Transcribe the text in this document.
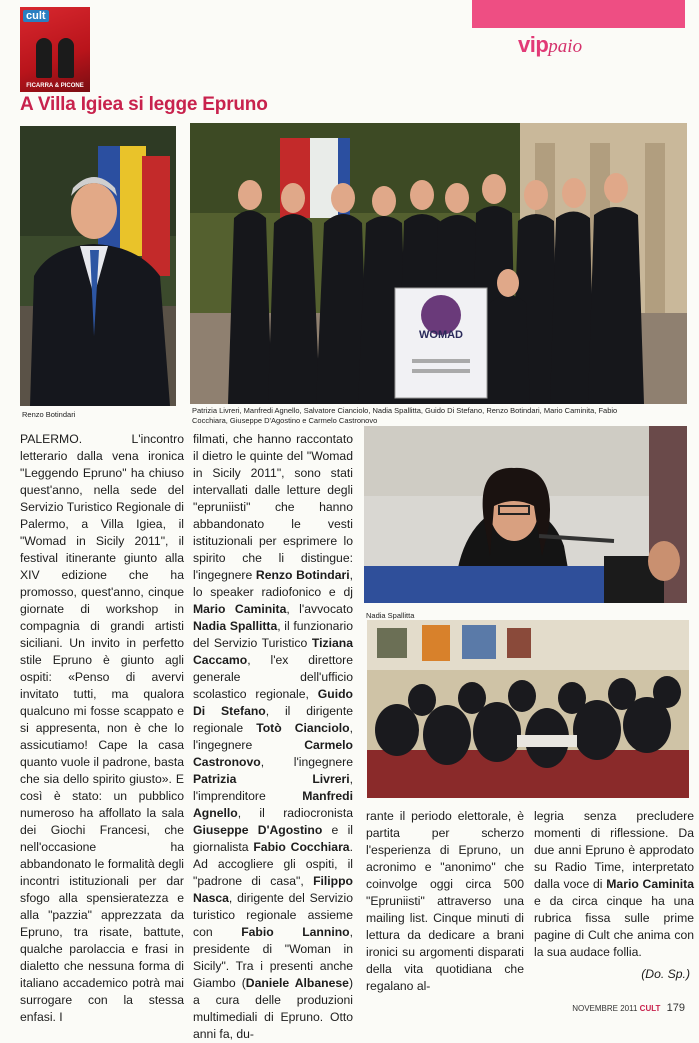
cult
FICARRA & PICONE
vippaio
A Villa Igiea si legge Epruno
Renzo Botindari
WOMAD
Patrizia Livreri, Manfredi Agnello, Salvatore Cianciolo, Nadia Spallitta, Guido Di Stefano, Renzo Botindari, Mario Caminita, Fabio Cocchiara, Giuseppe D'Agostino e Carmelo Castronovo
Nadia Spallitta
PALERMO. L'incontro letterario dalla vena ironica "Leggendo Epruno" ha chiuso quest'anno, nella sede del Servizio Turistico Regionale di Palermo, a Villa Igiea, il "Womad in Sicily 2011", il festival itinerante giunto alla XIV edizione che ha promosso, quest'anno, cinque giornate di workshop in compagnia di grandi artisti siciliani. Un invito in perfetto stile Epruno è giunto agli ospiti: «Penso di avervi invitato tutti, ma qualora qualcuno mi fosse scappato e si appresenta, non è che lo assicutiamo! Cape la casa quanto vuole il padrone, basta che sia dello spirito giusto». E così è stato: un pubblico numeroso ha affollato la sala dei Giochi Francesi, che nell'occasione ha abbandonato le formalità degli incontri istituzionali per dar sfogo alla spensieratezza e alla "pazzia" apprezzata da Epruno, tra risate, battute, qualche parolaccia e frasi in dialetto che nessuna forma di italiano accademico potrà mai surrogare con la stessa enfasi. I
filmati, che hanno raccontato il dietro le quinte del "Womad in Sicily 2011", sono stati intervallati dalle letture degli "epruniisti" che hanno abbandonato le vesti istituzionali per esprimere lo spirito che li distingue: l'ingegnere Renzo Botindari, lo speaker radiofonico e dj Mario Caminita, l'avvocato Nadia Spallitta, il funzionario del Servizio Turistico Tiziana Caccamo, l'ex direttore generale dell'ufficio scolastico regionale, Guido Di Stefano, il dirigente regionale Totò Cianciolo, l'ingegnere Carmelo Castronovo, l'ingegnere Patrizia Livreri, l'imprenditore Manfredi Agnello, il radiocronista Giuseppe D'Agostino e il giornalista Fabio Cocchiara. Ad accogliere gli ospiti, il "padrone di casa", Filippo Nasca, dirigente del Servizio turistico regionale assieme con Fabio Lannino, presidente di "Woman in Sicily". Tra i presenti anche Giambo (Daniele Albanese) a cura delle produzioni multimediali di Epruno. Otto anni fa, du-
rante il periodo elettorale, è partita per scherzo l'esperienza di Epruno, un acronimo e "anonimo" che coinvolge oggi circa 500 "Epruniisti" attraverso una mailing list. Cinque minuti di lettura da dedicare a brani ironici su argomenti disparati della vita quotidiana che regalano al-
legria senza precludere momenti di riflessione. Da due anni Epruno è approdato su Radio Time, interpretato dalla voce di Mario Caminita e da circa cinque ha una rubrica fissa sulle prime pagine di Cult che anima con la sua audace follia.
(Do. Sp.)
NOVEMBRE 2011 CULT 179
